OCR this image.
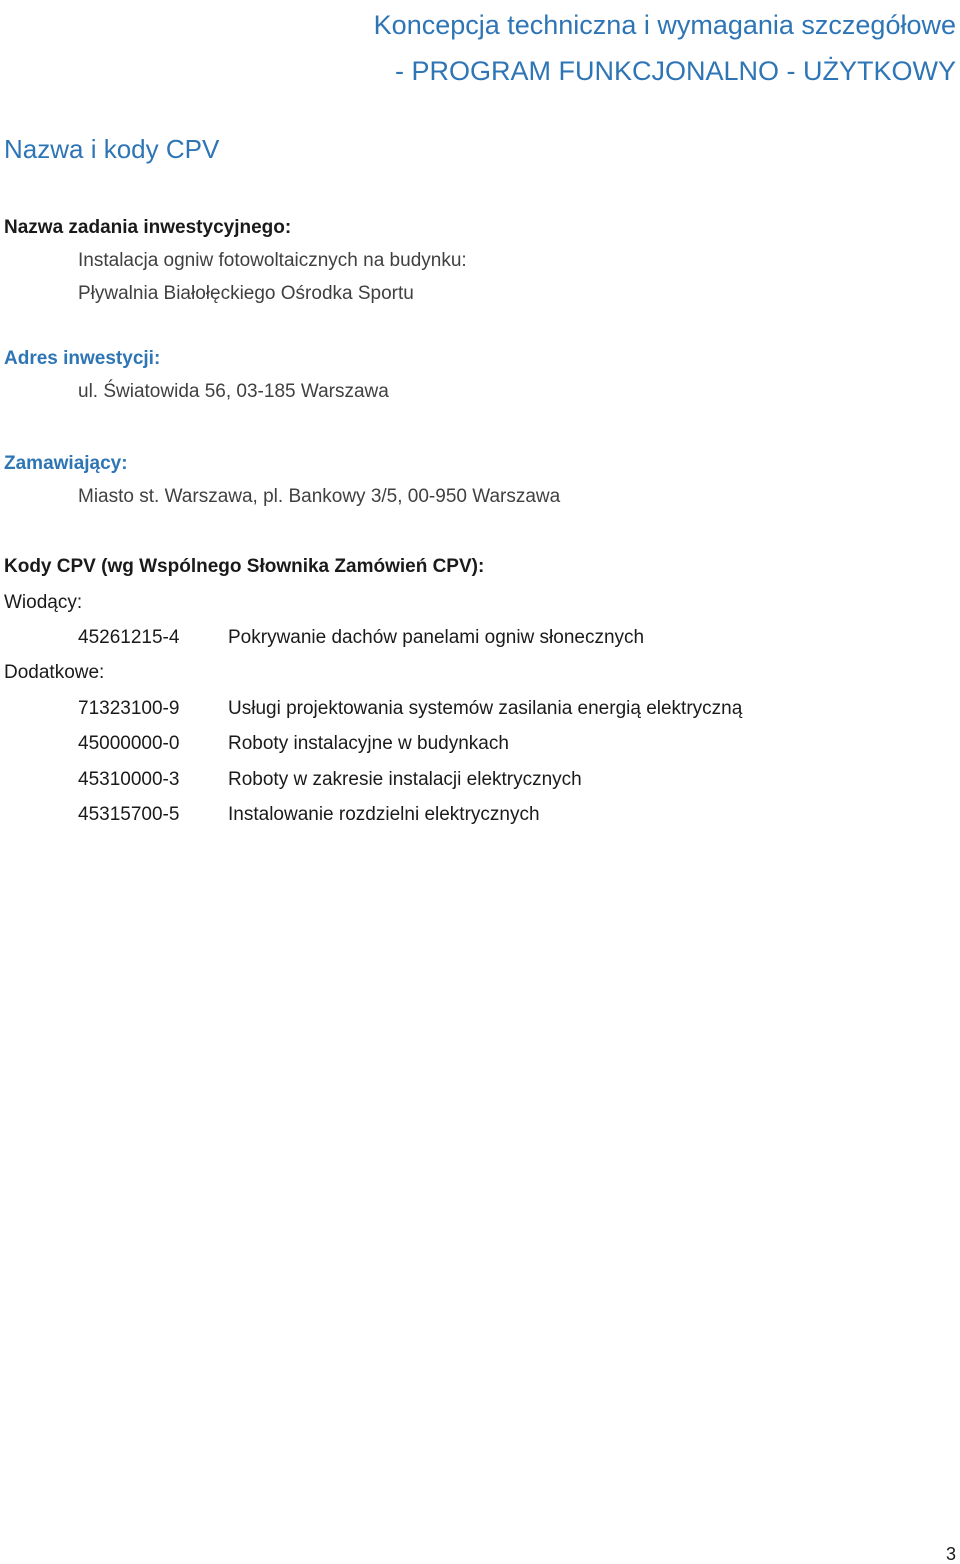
Koncepcja techniczna i wymagania szczegółowe
- PROGRAM FUNKCJONALNO - UŻYTKOWY
Nazwa i kody CPV
Nazwa zadania inwestycyjnego:
Instalacja ogniw fotowoltaicznych na budynku:
Pływalnia Białołęckiego Ośrodka Sportu
Adres inwestycji:
ul. Światowida 56, 03-185 Warszawa
Zamawiający:
Miasto st. Warszawa, pl. Bankowy 3/5, 00-950 Warszawa
Kody CPV (wg Wspólnego Słownika Zamówień CPV):
Wiodący:
45261215-4	Pokrywanie dachów panelami ogniw słonecznych
Dodatkowe:
71323100-9	Usługi projektowania systemów zasilania energią elektryczną
45000000-0	Roboty instalacyjne w budynkach
45310000-3	Roboty w zakresie instalacji elektrycznych
45315700-5	Instalowanie rozdzielni elektrycznych
3
